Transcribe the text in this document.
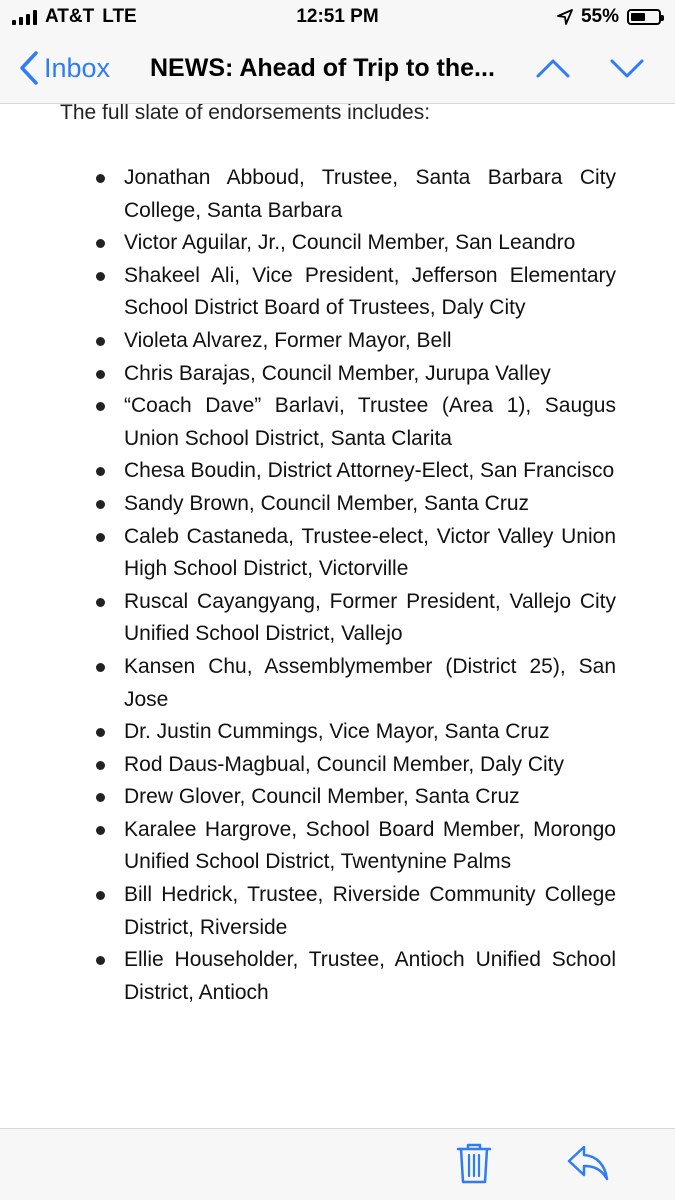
AT&T LTE	12:51 PM	55%
Inbox NEWS: Ahead of Trip to the...
The full slate of endorsements includes:
Jonathan Abboud, Trustee, Santa Barbara City College, Santa Barbara
Victor Aguilar, Jr., Council Member, San Leandro
Shakeel Ali, Vice President, Jefferson Elementary School District Board of Trustees, Daly City
Violeta Alvarez, Former Mayor, Bell
Chris Barajas, Council Member, Jurupa Valley
“Coach Dave” Barlavi, Trustee (Area 1), Saugus Union School District, Santa Clarita
Chesa Boudin, District Attorney-Elect, San Francisco
Sandy Brown, Council Member, Santa Cruz
Caleb Castaneda, Trustee-elect, Victor Valley Union High School District, Victorville
Ruscal Cayangyang, Former President, Vallejo City Unified School District, Vallejo
Kansen Chu, Assemblymember (District 25), San Jose
Dr. Justin Cummings, Vice Mayor, Santa Cruz
Rod Daus-Magbual, Council Member, Daly City
Drew Glover, Council Member, Santa Cruz
Karalee Hargrove, School Board Member, Morongo Unified School District, Twentynine Palms
Bill Hedrick, Trustee, Riverside Community College District, Riverside
Ellie Householder, Trustee, Antioch Unified School District, Antioch
